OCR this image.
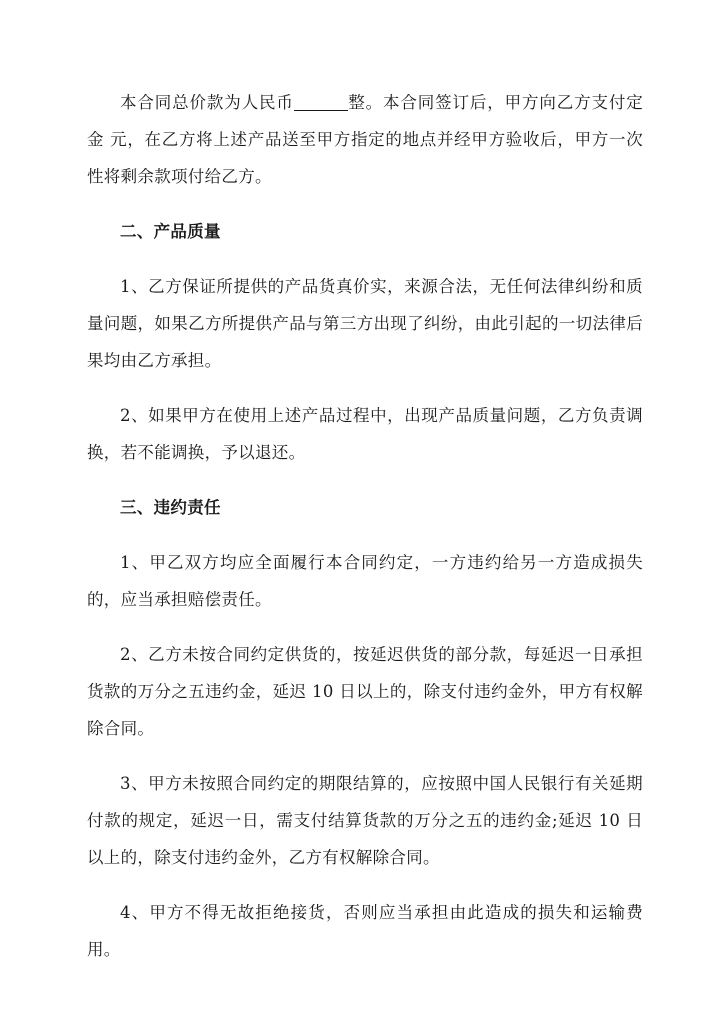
本合同总价款为人民币	整。本合同签订后，甲方向乙方支付定金 元，在乙方将上述产品送至甲方指定的地点并经甲方验收后，甲方一次性将剩余款项付给乙方。

二、产品质量

1、乙方保证所提供的产品货真价实，来源合法，无任何法律纠纷和质量问题，如果乙方所提供产品与第三方出现了纠纷，由此引起的一切法律后果均由乙方承担。

2、如果甲方在使用上述产品过程中，出现产品质量问题，乙方负责调换，若不能调换，予以退还。

三、违约责任

1、甲乙双方均应全面履行本合同约定，一方违约给另一方造成损失的，应当承担赔偿责任。

2、乙方未按合同约定供货的，按延迟供货的部分款，每延迟一日承担货款的万分之五违约金，延迟 10 日以上的，除支付违约金外，甲方有权解除合同。

3、甲方未按照合同约定的期限结算的，应按照中国人民银行有关延期付款的规定，延迟一日，需支付结算货款的万分之五的违约金;延迟 10 日以上的，除支付违约金外，乙方有权解除合同。

4、甲方不得无故拒绝接货，否则应当承担由此造成的损失和运输费用。
